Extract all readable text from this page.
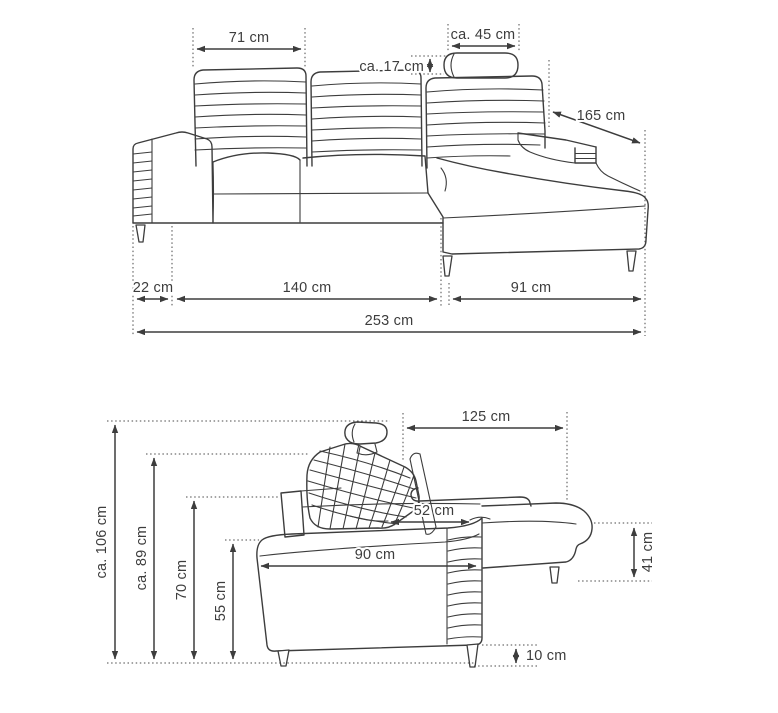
71 cm	ca. 45 cm
ca. 17 cm
165 cm
22 cm	140 cm	91 cm
253 cm
125 cm
52 cm
90 cm
ca. 106 cm ca. 89 cm 70 cm
55 cm
41 cm
10 cm
